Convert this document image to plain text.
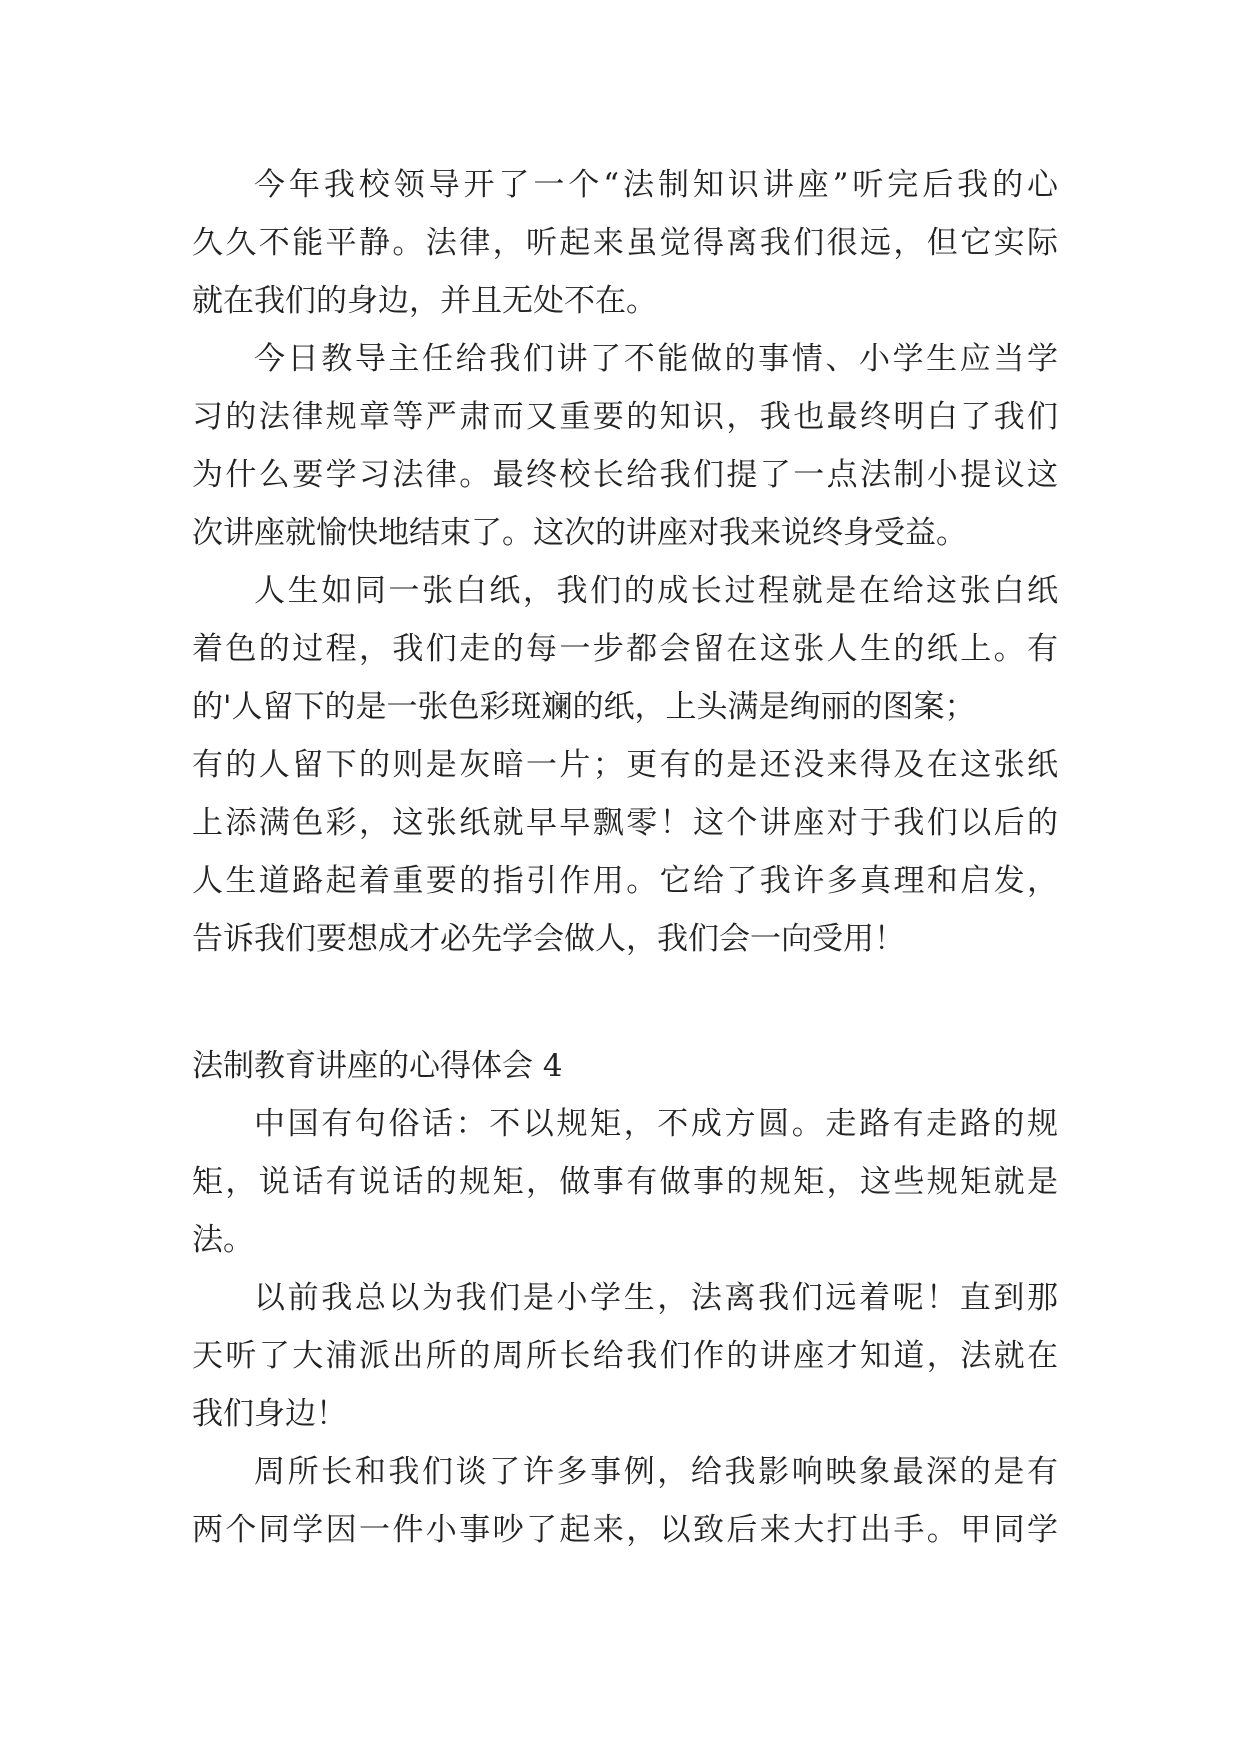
今年我校领导开了一个“法制知识讲座”听完后我的心
久久不能平静。法律，听起来虽觉得离我们很远，但它实际
就在我们的身边，并且无处不在。
今日教导主任给我们讲了不能做的事情、小学生应当学
习的法律规章等严肃而又重要的知识，我也最终明白了我们
为什么要学习法律。最终校长给我们提了一点法制小提议这
次讲座就愉快地结束了。这次的讲座对我来说终身受益。
人生如同一张白纸，我们的成长过程就是在给这张白纸
着色的过程，我们走的每一步都会留在这张人生的纸上。有
的'人留下的是一张色彩斑斓的纸，上头满是绚丽的图案；
有的人留下的则是灰暗一片；更有的是还没来得及在这张纸
上添满色彩，这张纸就早早飘零！这个讲座对于我们以后的
人生道路起着重要的指引作用。它给了我许多真理和启发，
告诉我们要想成才必先学会做人，我们会一向受用！
法制教育讲座的心得体会 4
中国有句俗话：不以规矩，不成方圆。走路有走路的规
矩，说话有说话的规矩，做事有做事的规矩，这些规矩就是
法。
以前我总以为我们是小学生，法离我们远着呢！直到那
天听了大浦派出所的周所长给我们作的讲座才知道，法就在
我们身边！
周所长和我们谈了许多事例，给我影响映象最深的是有
两个同学因一件小事吵了起来，以致后来大打出手。甲同学
